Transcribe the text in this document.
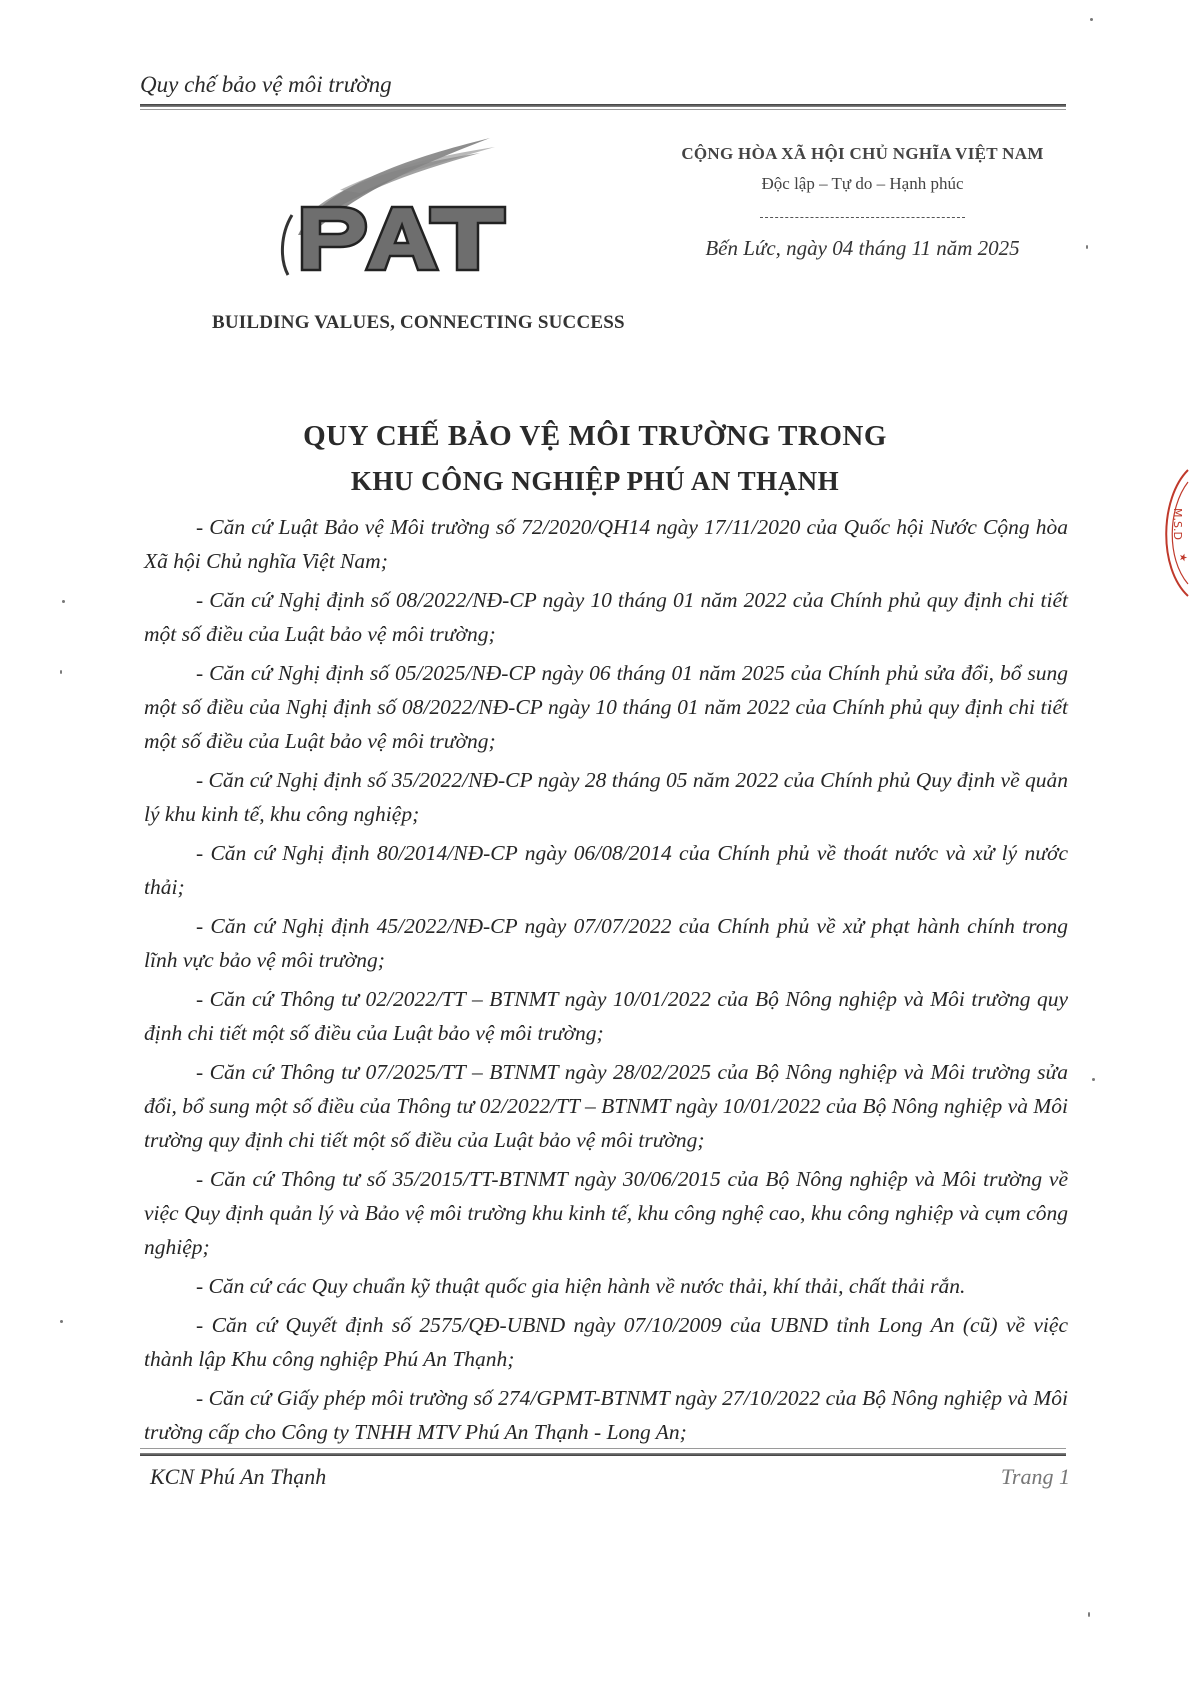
Quy chế bảo vệ môi trường
BUILDING VALUES, CONNECTING SUCCESS
CỘNG HÒA XÃ HỘI CHỦ NGHĨA VIỆT NAM
Độc lập – Tự do – Hạnh phúc
Bến Lức, ngày 04 tháng 11 năm 2025
QUY CHẾ BẢO VỆ MÔI TRƯỜNG TRONG
KHU CÔNG NGHIỆP PHÚ AN THẠNH

- Căn cứ Luật Bảo vệ Môi trường số 72/2020/QH14 ngày 17/11/2020 của Quốc hội Nước Cộng hòa Xã hội Chủ nghĩa Việt Nam;

- Căn cứ Nghị định số 08/2022/NĐ-CP ngày 10 tháng 01 năm 2022 của Chính phủ quy định chi tiết một số điều của Luật bảo vệ môi trường;

- Căn cứ Nghị định số 05/2025/NĐ-CP ngày 06 tháng 01 năm 2025 của Chính phủ sửa đổi, bổ sung một số điều của Nghị định số 08/2022/NĐ-CP ngày 10 tháng 01 năm 2022 của Chính phủ quy định chi tiết một số điều của Luật bảo vệ môi trường;

- Căn cứ Nghị định số 35/2022/NĐ-CP ngày 28 tháng 05 năm 2022 của Chính phủ Quy định về quản lý khu kinh tế, khu công nghiệp;

- Căn cứ Nghị định 80/2014/NĐ-CP ngày 06/08/2014 của Chính phủ về thoát nước và xử lý nước thải;

- Căn cứ Nghị định 45/2022/NĐ-CP ngày 07/07/2022 của Chính phủ về xử phạt hành chính trong lĩnh vực bảo vệ môi trường;

- Căn cứ Thông tư 02/2022/TT – BTNMT ngày 10/01/2022 của Bộ Nông nghiệp và Môi trường quy định chi tiết một số điều của Luật bảo vệ môi trường;

- Căn cứ Thông tư 07/2025/TT – BTNMT ngày 28/02/2025 của Bộ Nông nghiệp và Môi trường sửa đổi, bổ sung một số điều của Thông tư 02/2022/TT – BTNMT ngày 10/01/2022 của Bộ Nông nghiệp và Môi trường quy định chi tiết một số điều của Luật bảo vệ môi trường;

- Căn cứ Thông tư số 35/2015/TT-BTNMT ngày 30/06/2015 của Bộ Nông nghiệp và Môi trường về việc Quy định quản lý và Bảo vệ môi trường khu kinh tế, khu công nghệ cao, khu công nghiệp và cụm công nghiệp;

- Căn cứ các Quy chuẩn kỹ thuật quốc gia hiện hành về nước thải, khí thải, chất thải rắn.

- Căn cứ Quyết định số 2575/QĐ-UBND ngày 07/10/2009 của UBND tỉnh Long An (cũ) về việc thành lập Khu công nghiệp Phú An Thạnh;

- Căn cứ Giấy phép môi trường số 274/GPMT-BTNMT ngày 27/10/2022 của Bộ Nông nghiệp và Môi trường cấp cho Công ty TNHH MTV Phú An Thạnh - Long An;

KCN Phú An Thạnh	Trang 1
M.S.D
★
